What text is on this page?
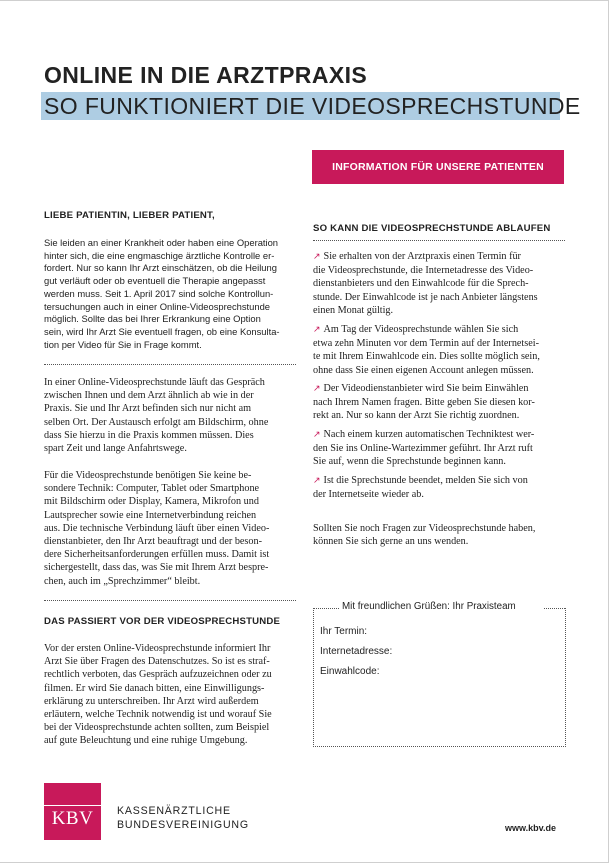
ONLINE IN DIE ARZTPRAXIS
SO FUNKTIONIERT DIE VIDEOSPRECHSTUNDE
INFORMATION FÜR UNSERE PATIENTEN
LIEBE PATIENTIN, LIEBER PATIENT,
Sie leiden an einer Krankheit oder haben eine Operation
hinter sich, die eine engmaschige ärztliche Kontrolle er-
fordert. Nur so kann Ihr Arzt einschätzen, ob die Heilung
gut verläuft oder ob eventuell die Therapie angepasst
werden muss. Seit 1. April 2017 sind solche Kontrollun-
tersuchungen auch in einer Online-Videosprechstunde
möglich. Sollte das bei Ihrer Erkrankung eine Option
sein, wird Ihr Arzt Sie eventuell fragen, ob eine Konsulta-
tion per Video für Sie in Frage kommt.
In einer Online-Videosprechstunde läuft das Gespräch
zwischen Ihnen und dem Arzt ähnlich ab wie in der
Praxis. Sie und Ihr Arzt befinden sich nur nicht am
selben Ort. Der Austausch erfolgt am Bildschirm, ohne
dass Sie hierzu in die Praxis kommen müssen. Dies
spart Zeit und lange Anfahrtswege.
Für die Videosprechstunde benötigen Sie keine be-
sondere Technik: Computer, Tablet oder Smartphone
mit Bildschirm oder Display, Kamera, Mikrofon und
Lautsprecher sowie eine Internetverbindung reichen
aus. Die technische Verbindung läuft über einen Video-
dienstanbieter, den Ihr Arzt beauftragt und der beson-
dere Sicherheitsanforderungen erfüllen muss. Damit ist
sichergestellt, dass das, was Sie mit Ihrem Arzt bespre-
chen, auch im „Sprechzimmer“ bleibt.
DAS PASSIERT VOR DER VIDEOSPRECHSTUNDE
Vor der ersten Online-Videosprechstunde informiert Ihr
Arzt Sie über Fragen des Datenschutzes. So ist es straf-
rechtlich verboten, das Gespräch aufzuzeichnen oder zu
filmen. Er wird Sie danach bitten, eine Einwilligungs-
erklärung zu unterschreiben. Ihr Arzt wird außerdem
erläutern, welche Technik notwendig ist und worauf Sie
bei der Videosprechstunde achten sollten, zum Beispiel
auf gute Beleuchtung und eine ruhige Umgebung.
SO KANN DIE VIDEOSPRECHSTUNDE ABLAUFEN
↗ Sie erhalten von der Arztpraxis einen Termin für
die Videosprechstunde, die Internetadresse des Video-
dienstanbieters und den Einwahlcode für die Sprech-
stunde. Der Einwahlcode ist je nach Anbieter längstens
einen Monat gültig.
↗ Am Tag der Videosprechstunde wählen Sie sich
etwa zehn Minuten vor dem Termin auf der Internetsei-
te mit Ihrem Einwahlcode ein. Dies sollte möglich sein,
ohne dass Sie einen eigenen Account anlegen müssen.
↗ Der Videodienstanbieter wird Sie beim Einwählen
nach Ihrem Namen fragen. Bitte geben Sie diesen kor-
rekt an. Nur so kann der Arzt Sie richtig zuordnen.
↗ Nach einem kurzen automatischen Techniktest wer-
den Sie ins Online-Wartezimmer geführt. Ihr Arzt ruft
Sie auf, wenn die Sprechstunde beginnen kann.
↗ Ist die Sprechstunde beendet, melden Sie sich von
der Internetseite wieder ab.
Sollten Sie noch Fragen zur Videosprechstunde haben,
können Sie sich gerne an uns wenden.
Mit freundlichen Grüßen: Ihr Praxisteam
Ihr Termin:
Internetadresse:
Einwahlcode:
KBV	KASSENÄRZTLICHE
BUNDESVEREINIGUNG	www.kbv.de
